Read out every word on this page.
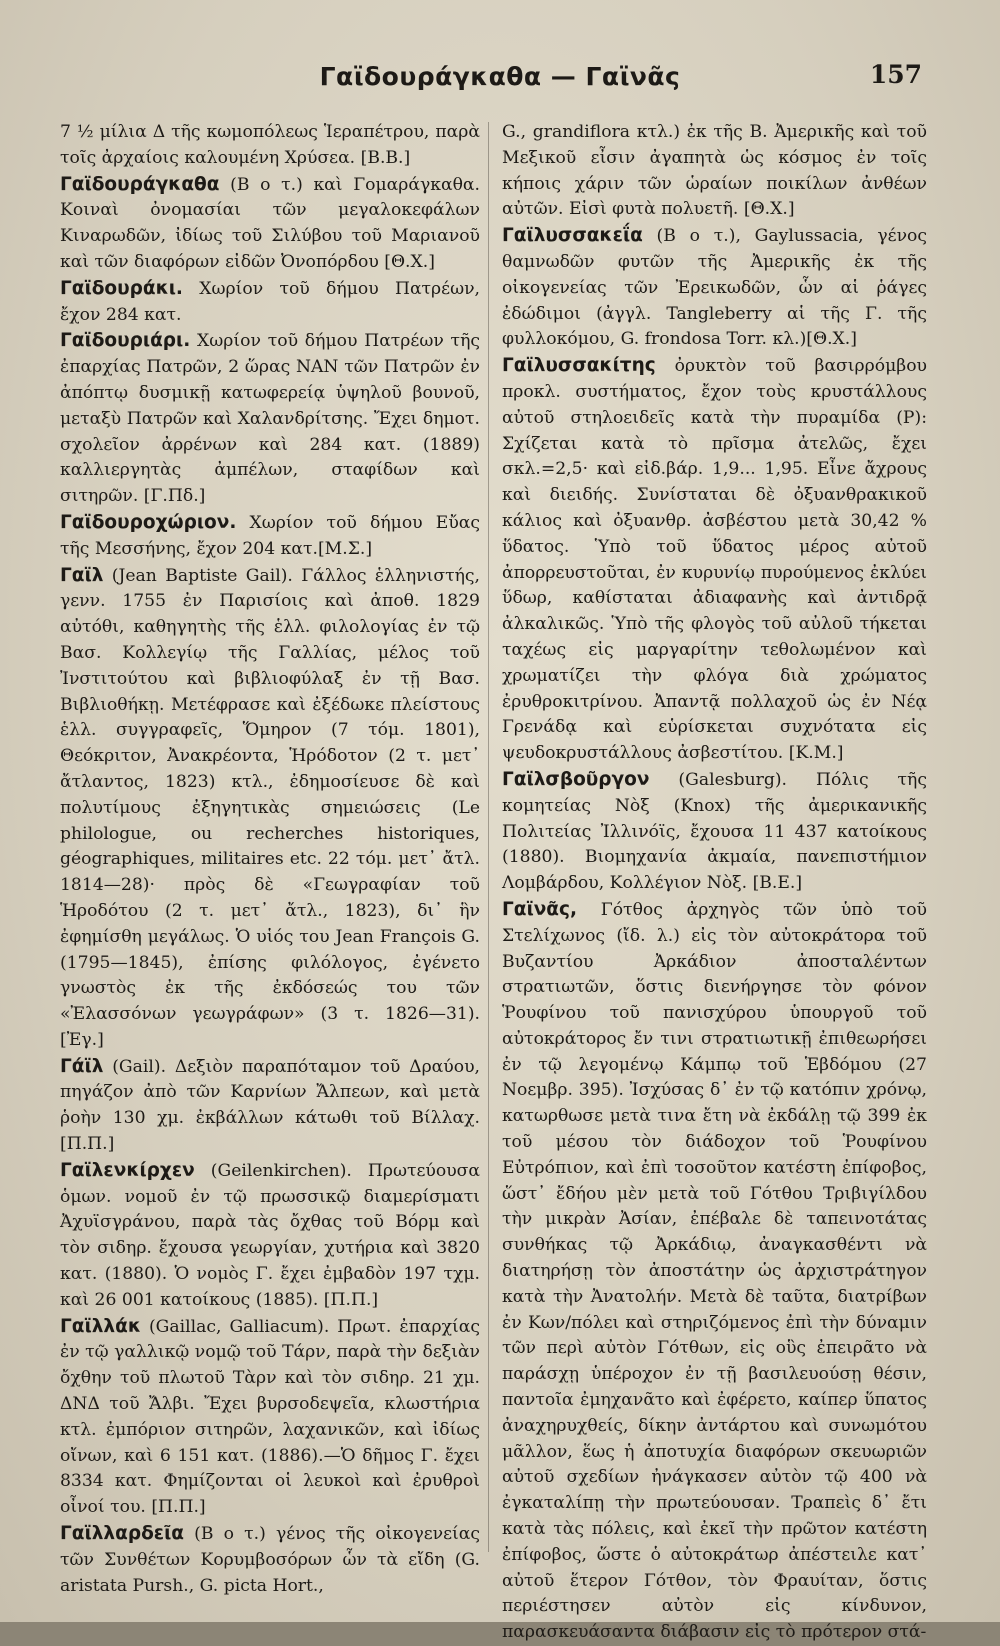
Γαϊδουράγκαθα — Γαϊνᾶς	157

7 ½ μίλια Δ τῆς κωμοπόλεως Ἱεραπέτρου, παρὰ τοῖς ἀρχαίοις καλουμένη Χρύσεα. [Β.Β.]

Γαϊδουράγκαθα (Β ο τ.) καὶ Γομαράγκαθα. Κοιναὶ ὀνομασίαι τῶν μεγαλοκεφάλων Κιναρωδῶν, ἰδίως τοῦ Σιλύβου τοῦ Μαριανοῦ καὶ τῶν διαφόρων εἰδῶν Ὀνοπόρδου [Θ.Χ.]

Γαϊδουράκι. Χωρίον τοῦ δήμου Πατρέων, ἔχον 284 κατ.

Γαϊδουριάρι. Χωρίον τοῦ δήμου Πατρέων τῆς ἐπαρχίας Πατρῶν, 2 ὥρας ΝΑΝ τῶν Πατρῶν ἐν ἀπόπτῳ δυσμικῇ κατωφερείᾳ ὑψηλοῦ βουνοῦ, μεταξὺ Πατρῶν καὶ Χαλανδρίτσης. Ἔχει δημοτ. σχολεῖον ἀρρένων καὶ 284 κατ. (1889) καλλιεργητὰς ἀμπέλων, σταφίδων καὶ σιτηρῶν. [Γ.Πδ.]

Γαϊδουροχώριον. Χωρίον τοῦ δήμου Εὔας τῆς Μεσσήνης, ἔχον 204 κατ.[Μ.Σ.]

Γαϊλ (Jean Baptiste Gail). Γάλλος ἑλληνιστής, γενν. 1755 ἐν Παρισίοις καὶ ἀποθ. 1829 αὐτόθι, καθηγητὴς τῆς ἑλλ. φιλολογίας ἐν τῷ Βασ. Κολλεγίῳ τῆς Γαλλίας, μέλος τοῦ Ἰνστιτούτου καὶ βιβλιοφύλαξ ἐν τῇ Βασ. Βιβλιοθήκῃ. Μετέφρασε καὶ ἐξέδωκε πλείστους ἑλλ. συγγραφεῖς, Ὅμηρον (7 τόμ. 1801), Θεόκριτον, Ἀνακρέοντα, Ἡρόδοτον (2 τ. μετ᾽ ἄτλαντος, 1823) κτλ., ἐδημοσίευσε δὲ καὶ πολυτίμους ἐξηγητικὰς σημειώσεις (Le philologue, ou recherches historiques, géographiques, militaires etc. 22 τόμ. μετ᾽ ἄτλ. 1814—28)· πρὸς δὲ «Γεωγραφίαν τοῦ Ἡροδότου (2 τ. μετ᾽ ἄτλ., 1823), δι᾽ ἣν ἐφημίσθη μεγάλως. Ὁ υἱός του Jean François G. (1795—1845), ἐπίσης φιλόλογος, ἐγένετο γνωστὸς ἐκ τῆς ἐκδόσεώς του τῶν «Ἐλασσόνων γεωγράφων» (3 τ. 1826—31). [Ἐγ.]

Γάϊλ (Gail). Δεξιὸν παραπόταμον τοῦ Δραύου, πηγάζον ἀπὸ τῶν Καρνίων Ἄλπεων, καὶ μετὰ ῥοὴν 130 χμ. ἐκβάλλων κάτωθι τοῦ Βίλλαχ. [Π.Π.]

Γαϊλενκίρχεν (Geilenkirchen). Πρωτεύουσα ὁμων. νομοῦ ἐν τῷ πρωσσικῷ διαμερίσματι Ἀχυϊσγράνου, παρὰ τὰς ὄχθας τοῦ Βόρμ καὶ τὸν σιδηρ. ἔχουσα γεωργίαν, χυτήρια καὶ 3820 κατ. (1880). Ὁ νομὸς Γ. ἔχει ἐμβαδὸν 197 τχμ. καὶ 26 001 κατοίκους (1885). [Π.Π.]

Γαϊλλάκ (Gaillac, Galliacum). Πρωτ. ἐπαρχίας ἐν τῷ γαλλικῷ νομῷ τοῦ Τάρν, παρὰ τὴν δεξιὰν ὄχθην τοῦ πλωτοῦ Τὰρν καὶ τὸν σιδηρ. 21 χμ. ΔΝΔ τοῦ Ἄλβι. Ἔχει βυρσοδεψεῖα, κλωστήρια κτλ. ἐμπόριον σιτηρῶν, λαχανικῶν, καὶ ἰδίως οἴνων, καὶ 6 151 κατ. (1886).—Ὁ δῆμος Γ. ἔχει 8334 κατ. Φημίζονται οἱ λευκοὶ καὶ ἐρυθροὶ οἶνοί του. [Π.Π.]

Γαϊλλαρδεῖα (Β ο τ.) γένος τῆς οἰκογενείας τῶν Συνθέτων Κορυμβοσόρων ὧν τὰ εἴδη (G. aristata Pursh., G. picta Hort.,

G., grandiflora κτλ.) ἐκ τῆς Β. Ἀμερικῆς καὶ τοῦ Μεξικοῦ εἶσιν ἀγαπητὰ ὡς κόσμος ἐν τοῖς κήποις χάριν τῶν ὡραίων ποικίλων ἀνθέων αὐτῶν. Εἰσὶ φυτὰ πολυετῆ. [Θ.Χ.]

Γαϊλυσσακεΐα (Β ο τ.), Gaylussacia, γένος θαμνωδῶν φυτῶν τῆς Ἀμερικῆς ἐκ τῆς οἰκογενείας τῶν Ἐρεικωδῶν, ὧν αἱ ῥάγες ἐδώδιμοι (ἀγγλ. Tangleberry αἱ τῆς Γ. τῆς φυλλοκόμου, G. frondosa Torr. κλ.)[Θ.Χ.]

Γαϊλυσσακίτης ὀρυκτὸν τοῦ βασιρρόμβου προκλ. συστήματος, ἔχον τοὺς κρυστάλλους αὐτοῦ στηλοειδεῖς κατὰ τὴν πυραμίδα (P): Σχίζεται κατὰ τὸ πρῖσμα ἀτελῶς, ἔχει σκλ.=2,5· καὶ εἰδ.βάρ. 1,9... 1,95. Εἶνε ἄχρους καὶ διειδής. Συνίσταται δὲ ὀξυανθρακικοῦ κάλιος καὶ ὀξυανθρ. ἀσβέστου μετὰ 30,42 % ὕδατος. Ὑπὸ τοῦ ὕδατος μέρος αὐτοῦ ἀπορρευστοῦται, ἐν κυρυνίῳ πυρούμενος ἐκλύει ὕδωρ, καθίσταται ἀδιαφανὴς καὶ ἀντιδρᾷ ἀλκαλικῶς. Ὑπὸ τῆς φλογὸς τοῦ αὐλοῦ τήκεται ταχέως εἰς μαργαρίτην τεθολωμένον καὶ χρωματίζει τὴν φλόγα διὰ χρώματος ἐρυθροκιτρίνου. Ἀπαντᾷ πολλαχοῦ ὡς ἐν Νέᾳ Γρενάδᾳ καὶ εὑρίσκεται συχνότατα εἰς ψευδοκρυστάλλους ἀσβεστίτου. [Κ.Μ.]

Γαϊλσβοῦργον (Galesburg). Πόλις τῆς κομητείας Νὸξ (Knox) τῆς ἀμερικανικῆς Πολιτείας Ἰλλινόϊς, ἔχουσα 11 437 κατοίκους (1880). Βιομηχανία ἀκμαία, πανεπιστήμιον Λομβάρδου, Κολλέγιον Νὸξ. [Β.Ε.]

Γαϊνᾶς, Γότθος ἀρχηγὸς τῶν ὑπὸ τοῦ Στελίχωνος (ἴδ. λ.) εἰς τὸν αὐτοκράτορα τοῦ Βυζαντίου Ἀρκάδιον ἀποσταλέντων στρατιωτῶν, ὅστις διενήργησε τὸν φόνον Ῥουφίνου τοῦ πανισχύρου ὑπουργοῦ τοῦ αὐτοκράτορος ἔν τινι στρατιωτικῇ ἐπιθεωρήσει ἐν τῷ λεγομένῳ Κάμπῳ τοῦ Ἑβδόμου (27 Νοεμβρ. 395). Ἰσχύσας δ᾽ ἐν τῷ κατόπιν χρόνῳ, κατωρθωσε μετὰ τινα ἔτη νὰ ἐκδάλῃ τῷ 399 ἐκ τοῦ μέσου τὸν διάδοχον τοῦ Ῥουφίνου Εὐτρόπιον, καὶ ἐπὶ τοσοῦτον κατέστη ἐπίφοβος, ὥστ᾽ ἔδήου μὲν μετὰ τοῦ Γότθου Τριβιγίλδου τὴν μικρὰν Ἀσίαν, ἐπέβαλε δὲ ταπεινοτάτας συνθήκας τῷ Ἀρκάδιῳ, ἀναγκασθέντι νὰ διατηρήσῃ τὸν ἀποστάτην ὡς ἀρχιστράτηγον κατὰ τὴν Ἀνατολήν. Μετὰ δὲ ταῦτα, διατρίβων ἐν Κων/πόλει καὶ στηριζόμενος ἐπὶ τὴν δύναμιν τῶν περὶ αὐτὸν Γότθων, εἰς οὓς ἐπειρᾶτο νὰ παράσχῃ ὑπέροχον ἐν τῇ βασιλευούσῃ θέσιν, παντοῖα ἐμηχανᾶτο καὶ ἐφέρετο, καίπερ ὕπατος ἀναχηρυχθείς, δίκην ἀντάρτου καὶ συνωμότου μᾶλλον, ἕως ἡ ἀποτυχία διαφόρων σκευωριῶν αὐτοῦ σχεδίων ἠνάγκασεν αὐτὸν τῷ 400 νὰ ἐγκαταλίπῃ τὴν πρωτεύουσαν. Τραπεὶς δ᾽ ἔτι κατὰ τὰς πόλεις, καὶ ἐκεῖ τὴν πρῶτον κατέστη ἐπίφοβος, ὥστε ὁ αὐτοκράτωρ ἀπέστειλε κατ᾽ αὐτοῦ ἕτερον Γότθον, τὸν Φραυίταν, ὅστις περιέστησεν αὐτὸν εἰς κίνδυνον, παρασκευάσαντα διάβασιν εἰς τὸ πρότερον στά-
